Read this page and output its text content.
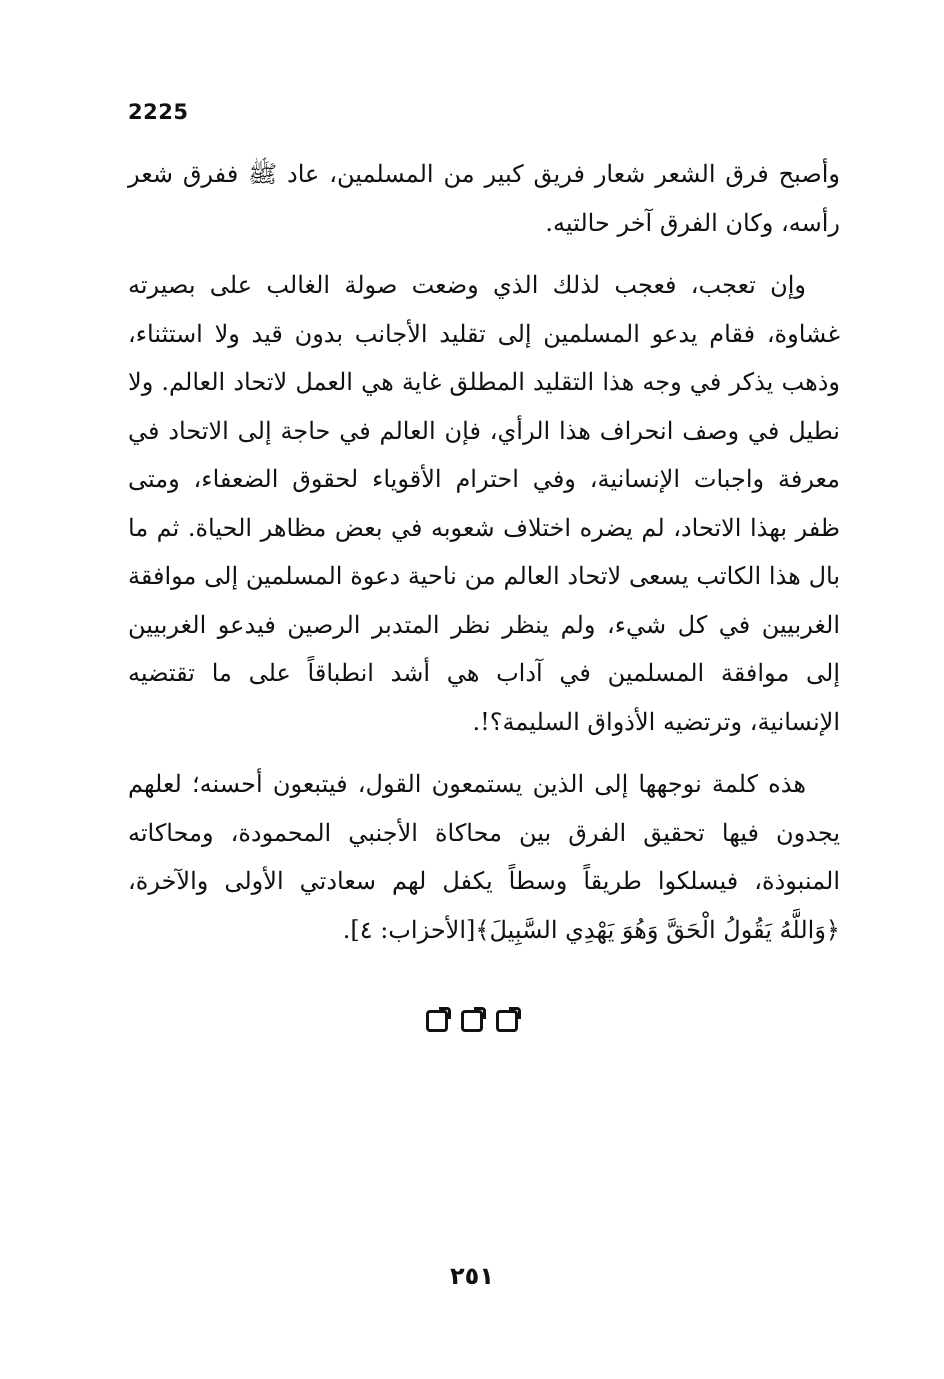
2225

وأصبح فرق الشعر شعار فريق كبير من المسلمين، عاد ﷺ ففرق شعر رأسه، وكان الفرق آخر حالتيه.

وإن تعجب، فعجب لذلك الذي وضعت صولة الغالب على بصيرته غشاوة، فقام يدعو المسلمين إلى تقليد الأجانب بدون قيد ولا استثناء، وذهب يذكر في وجه هذا التقليد المطلق غاية هي العمل لاتحاد العالم. ولا نطيل في وصف انحراف هذا الرأي، فإن العالم في حاجة إلى الاتحاد في معرفة واجبات الإنسانية، وفي احترام الأقوياء لحقوق الضعفاء، ومتى ظفر بهذا الاتحاد، لم يضره اختلاف شعوبه في بعض مظاهر الحياة. ثم ما بال هذا الكاتب يسعى لاتحاد العالم من ناحية دعوة المسلمين إلى موافقة الغربيين في كل شيء، ولم ينظر نظر المتدبر الرصين فيدعو الغربيين إلى موافقة المسلمين في آداب هي أشد انطباقاً على ما تقتضيه الإنسانية، وترتضيه الأذواق السليمة؟!.

هذه كلمة نوجهها إلى الذين يستمعون القول، فيتبعون أحسنه؛ لعلهم يجدون فيها تحقيق الفرق بين محاكاة الأجنبي المحمودة، ومحاكاته المنبوذة، فيسلكوا طريقاً وسطاً يكفل لهم سعادتي الأولى والآخرة، ﴿وَاللَّهُ يَقُولُ الْحَقَّ وَهُوَ يَهْدِي السَّبِيلَ﴾[الأحزاب: ٤].

٢٥١
